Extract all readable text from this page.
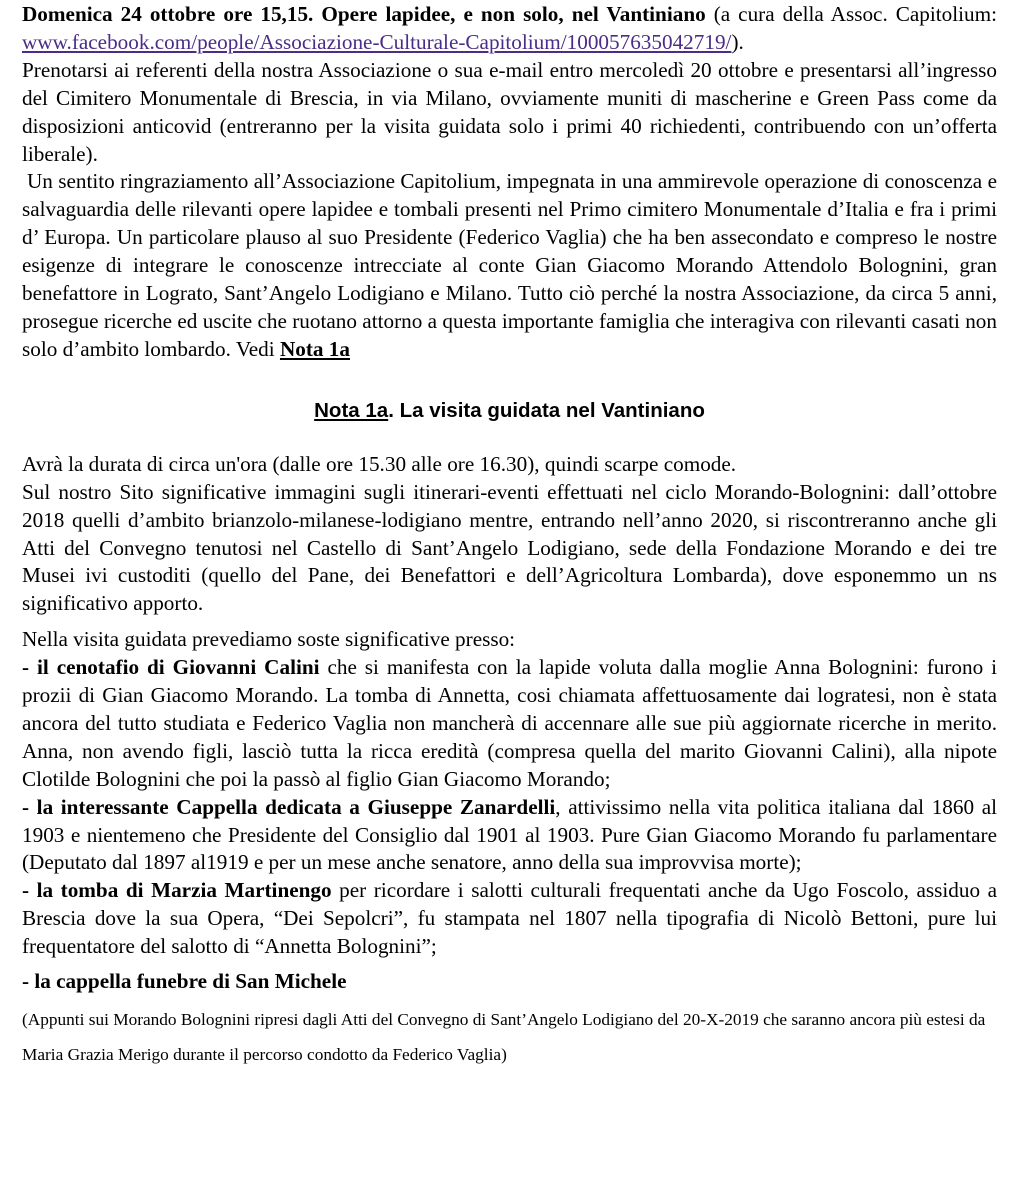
Domenica 24 ottobre ore 15,15. Opere lapidee, e non solo, nel Vantiniano (a cura della Assoc. Capitolium: www.facebook.com/people/Associazione-Culturale-Capitolium/100057635042719/).

Prenotarsi ai referenti della nostra Associazione o sua e-mail entro mercoledì 20 ottobre e presentarsi all’ingresso del Cimitero Monumentale di Brescia, in via Milano, ovviamente muniti di mascherine e Green Pass come da disposizioni anticovid (entreranno per la visita guidata solo i primi 40 richiedenti, contribuendo con un’offerta liberale).

Un sentito ringraziamento all’Associazione Capitolium, impegnata in una ammirevole operazione di conoscenza e salvaguardia delle rilevanti opere lapidee e tombali presenti nel Primo cimitero Monumentale d’Italia e fra i primi d’ Europa. Un particolare plauso al suo Presidente (Federico Vaglia) che ha ben assecondato e compreso le nostre esigenze di integrare le conoscenze intrecciate al conte Gian Giacomo Morando Attendolo Bolognini, gran benefattore in Lograto, Sant’Angelo Lodigiano e Milano. Tutto ciò perché la nostra Associazione, da circa 5 anni, prosegue ricerche ed uscite che ruotano attorno a questa importante famiglia che interagiva con rilevanti casati non solo d’ambito lombardo. Vedi Nota 1a

Nota 1a. La visita guidata nel Vantiniano

Avrà la durata di circa un'ora (dalle ore 15.30 alle ore 16.30), quindi scarpe comode.

Sul nostro Sito significative immagini sugli itinerari-eventi effettuati nel ciclo Morando-Bolognini: dall’ottobre 2018 quelli d’ambito brianzolo-milanese-lodigiano mentre, entrando nell’anno 2020, si riscontreranno anche gli Atti del Convegno tenutosi nel Castello di Sant’Angelo Lodigiano, sede della Fondazione Morando e dei tre Musei ivi custoditi (quello del Pane, dei Benefattori e dell’Agricoltura Lombarda), dove esponemmo un ns significativo apporto.

Nella visita guidata prevediamo soste significative presso:

- il cenotafio di Giovanni Calini che si manifesta con la lapide voluta dalla moglie Anna Bolognini: furono i prozii di Gian Giacomo Morando. La tomba di Annetta, cosi chiamata affettuosamente dai logratesi, non è stata ancora del tutto studiata e Federico Vaglia non mancherà di accennare alle sue più aggiornate ricerche in merito. Anna, non avendo figli, lasciò tutta la ricca eredità (compresa quella del marito Giovanni Calini), alla nipote Clotilde Bolognini che poi la passò al figlio Gian Giacomo Morando;

- la interessante Cappella dedicata a Giuseppe Zanardelli, attivissimo nella vita politica italiana dal 1860 al 1903 e nientemeno che Presidente del Consiglio dal 1901 al 1903. Pure Gian Giacomo Morando fu parlamentare (Deputato dal 1897 al1919 e per un mese anche senatore, anno della sua improvvisa morte);

- la tomba di Marzia Martinengo per ricordare i salotti culturali frequentati anche da Ugo Foscolo, assiduo a Brescia dove la sua Opera, “Dei Sepolcri”, fu stampata nel 1807 nella tipografia di Nicolò Bettoni, pure lui frequentatore del salotto di “Annetta Bolognini”;

- la cappella funebre di San Michele

(Appunti sui Morando Bolognini ripresi dagli Atti del Convegno di Sant’Angelo Lodigiano del 20-X-2019 che saranno ancora più estesi da Maria Grazia Merigo durante il percorso condotto da Federico Vaglia)
